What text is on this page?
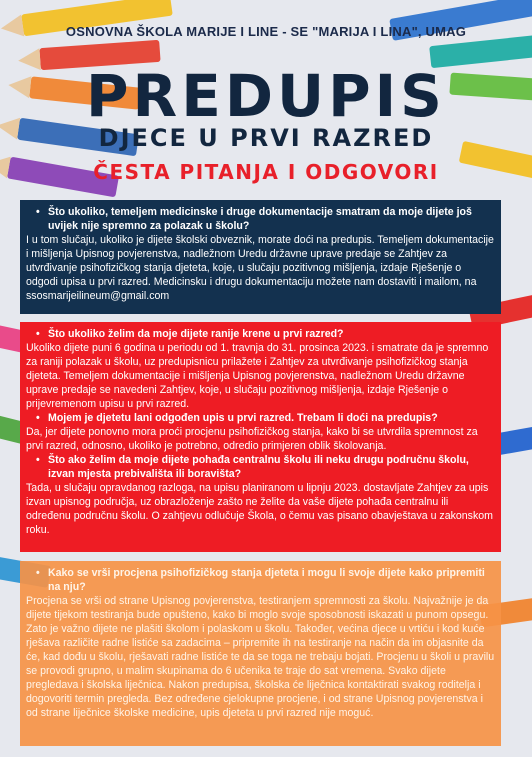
OSNOVNA ŠKOLA MARIJE I LINE - SE "MARIJA I LINA", UMAG
PREDUPIS
DJECE U PRVI RAZRED
ČESTA PITANJA I ODGOVORI
• Što ukoliko, temeljem medicinske i druge dokumentacije smatram da moje dijete još uvijek nije spremno za polazak u školu?

I u tom slučaju, ukoliko je dijete školski obveznik, morate doći na predupis. Temeljem dokumentacije i mišljenja Upisnog povjerenstva, nadležnom Uredu državne uprave predaje se Zahtjev za utvrđivanje psihofizičkog stanja djeteta, koje, u slučaju pozitivnog mišljenja, izdaje Rješenje o odgodi upisa u prvi razred. Medicinsku i drugu dokumentaciju možete nam dostaviti i mailom, na ssosmarijeilineum@gmail.com

• Što ukoliko želim da moje dijete ranije krene u prvi razred?

Ukoliko dijete puni 6 godina u periodu od 1. travnja do 31. prosinca 2023. i smatrate da je spremno za raniji polazak u školu, uz predupisnicu prilažete i Zahtjev za utvrđivanje psihofizičkog stanja djeteta. Temeljem dokumentacije i mišljenja Upisnog povjerenstva, nadležnom Uredu državne uprave predaje se navedeni Zahtjev, koje, u slučaju pozitivnog mišljenja, izdaje Rješenje o prijevremenom upisu u prvi razred.

• Mojem je djetetu lani odgođen upis u prvi razred. Trebam li doći na predupis?

Da, jer dijete ponovno mora proći procjenu psihofizičkog stanja, kako bi se utvrdila spremnost za prvi razred, odnosno, ukoliko je potrebno, odredio primjeren oblik školovanja.

• Što ako želim da moje dijete pohađa centralnu školu ili neku drugu područnu školu, izvan mjesta prebivališta ili boravišta?

Tada, u slučaju opravdanog razloga, na upisu planiranom u lipnju 2023. dostavljate Zahtjev za upis izvan upisnog područja, uz obrazloženje zašto ne želite da vaše dijete pohađa centralnu ili određenu područnu školu. O zahtjevu odlučuje Škola, o čemu vas pisano obavještava u zakonskom roku.

• Kako se vrši procjena psihofizičkog stanja djeteta i mogu li svoje dijete kako pripremiti na nju?

Procjena se vrši od strane Upisnog povjerenstva, testiranjem spremnosti za školu. Najvažnije je da dijete tijekom testiranja bude opušteno, kako bi moglo svoje sposobnosti iskazati u punom opsegu. Zato je važno dijete ne plašiti školom i polaskom u školu. Također, većina djece u vrtiću i kod kuće rješava različite radne listiće sa zadacima – pripremite ih na testiranje na način da im objasnite da će, kad dođu u školu, rješavati radne listiće te da se toga ne trebaju bojati. Procjenu u školi u pravilu se provodi grupno, u malim skupinama do 6 učenika te traje do sat vremena. Svako dijete pregledava i školska liječnica. Nakon predupisa, školska će liječnica kontaktirati svakog roditelja i dogovoriti termin pregleda. Bez određene cjelokupne procjene, i od strane Upisnog povjerenstva i od strane liječnice školske medicine, upis djeteta u prvi razred nije moguć.
